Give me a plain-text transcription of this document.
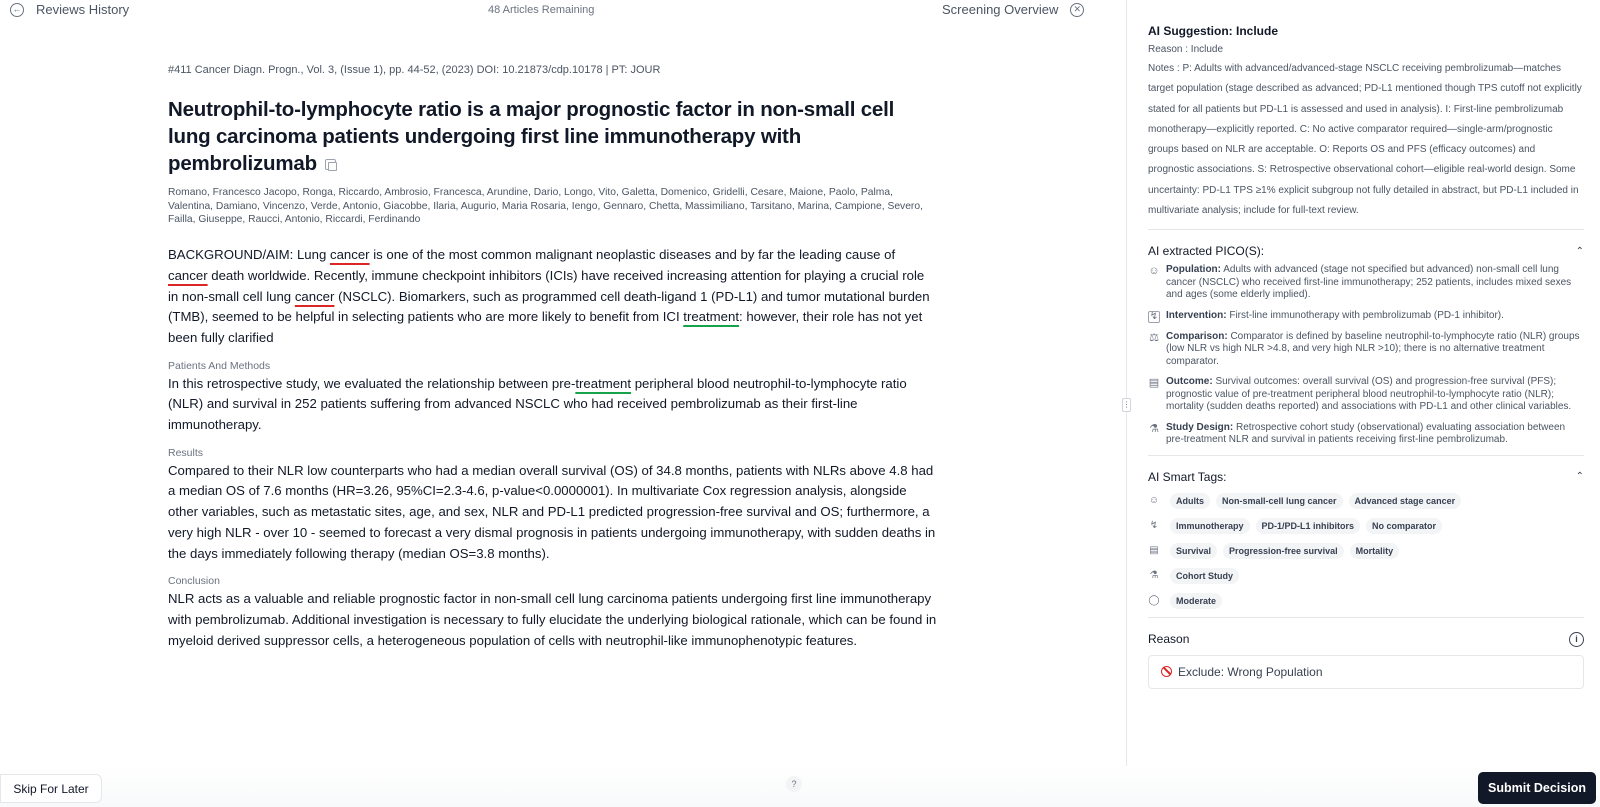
← Reviews History	48 Articles Remaining	Screening Overview	✕
#411 Cancer Diagn. Progn., Vol. 3, (Issue 1), pp. 44-52, (2023) DOI: 10.21873/cdp.10178 | PT: JOUR
Neutrophil-to-lymphocyte ratio is a major prognostic factor in non-small cell lung carcinoma patients undergoing first line immunotherapy with pembrolizumab
Romano, Francesco Jacopo, Ronga, Riccardo, Ambrosio, Francesca, Arundine, Dario, Longo, Vito, Galetta, Domenico, Gridelli, Cesare, Maione, Paolo, Palma, Valentina, Damiano, Vincenzo, Verde, Antonio, Giacobbe, Ilaria, Augurio, Maria Rosaria, Iengo, Gennaro, Chetta, Massimiliano, Tarsitano, Marina, Campione, Severo, Failla, Giuseppe, Raucci, Antonio, Riccardi, Ferdinando
BACKGROUND/AIM: Lung cancer is one of the most common malignant neoplastic diseases and by far the leading cause of cancer death worldwide. Recently, immune checkpoint inhibitors (ICIs) have received increasing attention for playing a crucial role in non-small cell lung cancer (NSCLC). Biomarkers, such as programmed cell death-ligand 1 (PD-L1) and tumor mutational burden (TMB), seemed to be helpful in selecting patients who are more likely to benefit from ICI treatment: however, their role has not yet been fully clarified
Patients And Methods
In this retrospective study, we evaluated the relationship between pre-treatment peripheral blood neutrophil-to-lymphocyte ratio (NLR) and survival in 252 patients suffering from advanced NSCLC who had received pembrolizumab as their first-line immunotherapy.
Results
Compared to their NLR low counterparts who had a median overall survival (OS) of 34.8 months, patients with NLRs above 4.8 had a median OS of 7.6 months (HR=3.26, 95%CI=2.3-4.6, p-value<0.0000001). In multivariate Cox regression analysis, alongside other variables, such as metastatic sites, age, and sex, NLR and PD-L1 predicted progression-free survival and OS; furthermore, a very high NLR - over 10 - seemed to forecast a very dismal prognosis in patients undergoing immunotherapy, with sudden deaths in the days immediately following therapy (median OS=3.8 months).
Conclusion
NLR acts as a valuable and reliable prognostic factor in non-small cell lung carcinoma patients undergoing first line immunotherapy with pembrolizumab. Additional investigation is necessary to fully elucidate the underlying biological rationale, which can be found in myeloid derived suppressor cells, a heterogeneous population of cells with neutrophil-like immunophenotypic features.
⋮
AI Suggestion: Include
Reason : Include
Notes : P: Adults with advanced/advanced-stage NSCLC receiving pembrolizumab—matches target population (stage described as advanced; PD-L1 mentioned though TPS cutoff not explicitly stated for all patients but PD-L1 is assessed and used in analysis). I: First-line pembrolizumab monotherapy—explicitly reported. C: No active comparator required—single-arm/prognostic groups based on NLR are acceptable. O: Reports OS and PFS (efficacy outcomes) and prognostic associations. S: Retrospective observational cohort—eligible real-world design. Some uncertainty: PD-L1 TPS ≥1% explicit subgroup not fully detailed in abstract, but PD-L1 included in multivariate analysis; include for full-text review.
AI extracted PICO(S):	⌃
☺ Population: Adults with advanced (stage not specified but advanced) non-small cell lung cancer (NSCLC) who received first-line immunotherapy; 252 patients, includes mixed sexes and ages (some elderly implied).
↯ Intervention: First-line immunotherapy with pembrolizumab (PD-1 inhibitor).
⚖ Comparison: Comparator is defined by baseline neutrophil-to-lymphocyte ratio (NLR) groups (low NLR vs high NLR >4.8, and very high NLR >10); there is no alternative treatment comparator.
▤ Outcome: Survival outcomes: overall survival (OS) and progression-free survival (PFS); prognostic value of pre-treatment peripheral blood neutrophil-to-lymphocyte ratio (NLR); mortality (sudden deaths reported) and associations with PD-L1 and other clinical variables.
⚗ Study Design: Retrospective cohort study (observational) evaluating association between pre-treatment NLR and survival in patients receiving first-line pembrolizumab.
AI Smart Tags:	⌃
☺	Adults	Non-small-cell lung cancer	Advanced stage cancer
↯	Immunotherapy	PD-1/PD-L1 inhibitors	No comparator
▤	Survival	Progression-free survival	Mortality
⚗	Cohort Study
◯	Moderate
Reason	i
Exclude: Wrong Population
Skip For Later	?	Submit Decision
